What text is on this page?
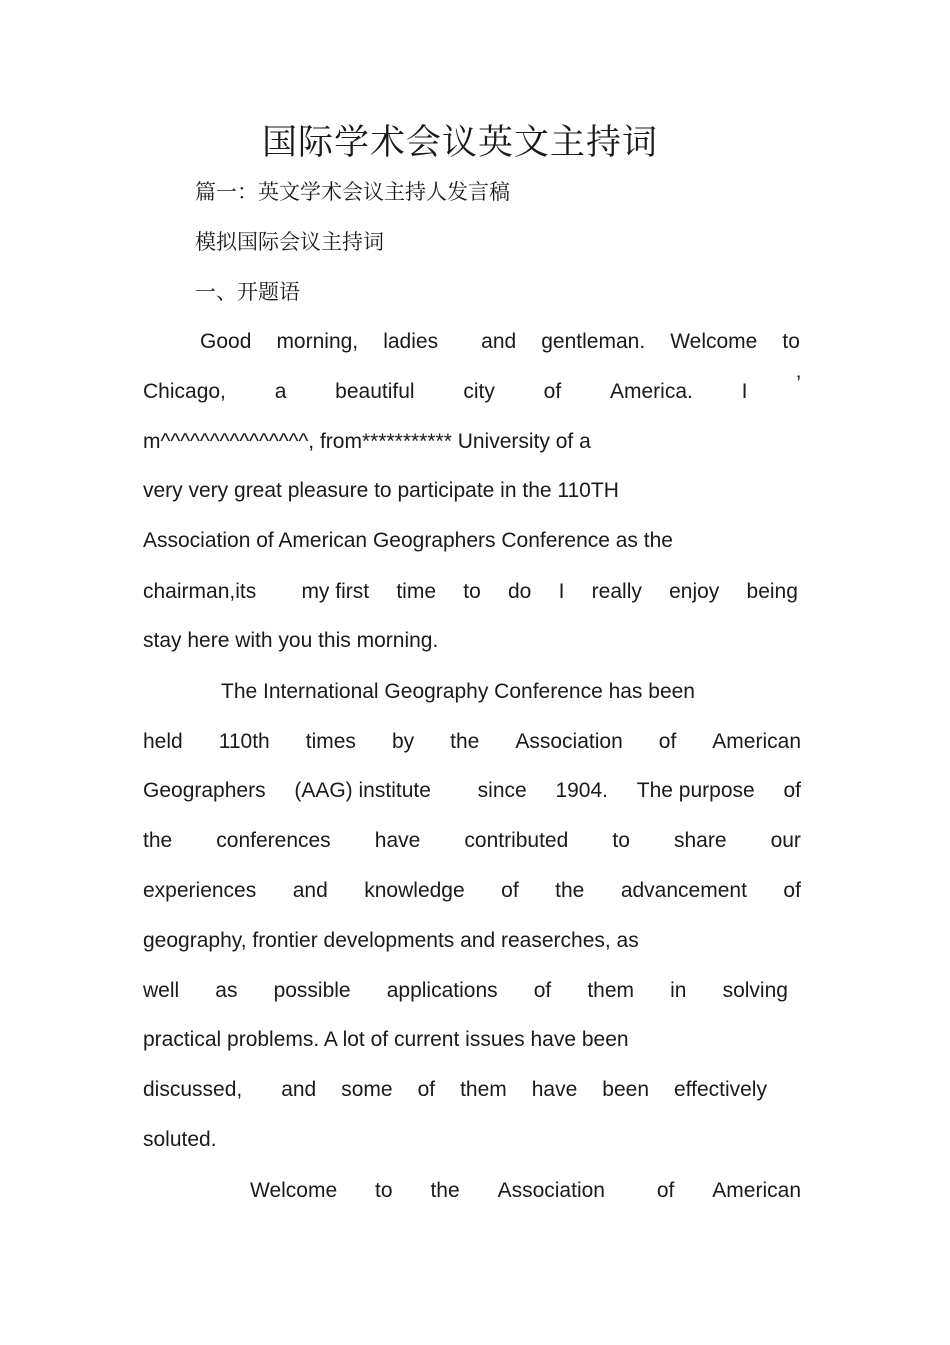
国际学术会议英文主持词
篇一：英文学术会议主持人发言稿
模拟国际会议主持词
一、开题语
Good morning, ladies and gentleman. Welcome to
Chicago, a beautiful city of America. I ’
m^^^^^^^^^^^^^^^, from*********** University of a
very very great pleasure to participate in the 110TH
Association of American Geographers Conference as the
chairman,its my first time to do I really enjoy being
stay here with you this morning.
The International Geography Conference has been
held 110th times by the Association of American
Geographers (AAG) institute since 1904. The purpose of
the conferences have contributed to share our
experiences and knowledge of the advancement of
geography, frontier developments and reaserches, as
well as possible applications of them in solving
practical problems. A lot of current issues have been
discussed, and some of them have been effectively
soluted.
Welcome to the Association of American
